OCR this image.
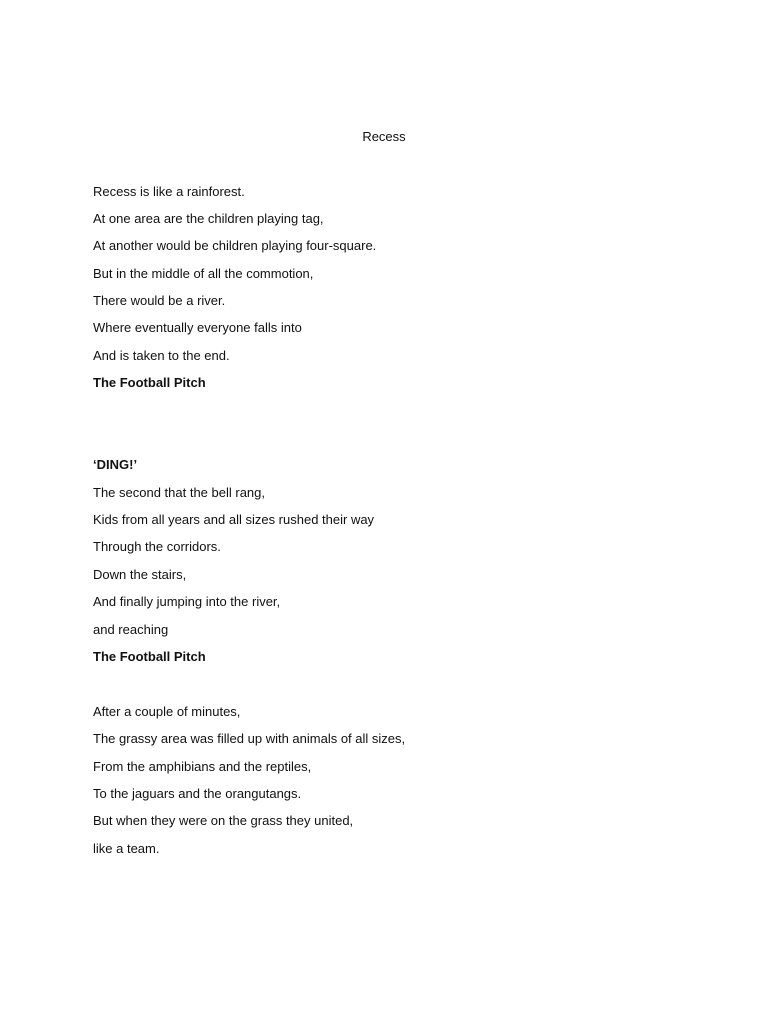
Recess
Recess is like a rainforest.
At one area are the children playing tag,
At another would be children playing four-square.
But in the middle of all the commotion,
There would be a river.
Where eventually everyone falls into
And is taken to the end.
The Football Pitch
‘DING!’
The second that the bell rang,
Kids from all years and all sizes rushed their way
Through the corridors.
Down the stairs,
And finally jumping into the river,
and reaching
The Football Pitch
After a couple of minutes,
The grassy area was filled up with animals of all sizes,
From the amphibians and the reptiles,
To the jaguars and the orangutangs.
But when they were on the grass they united,
like a team.
